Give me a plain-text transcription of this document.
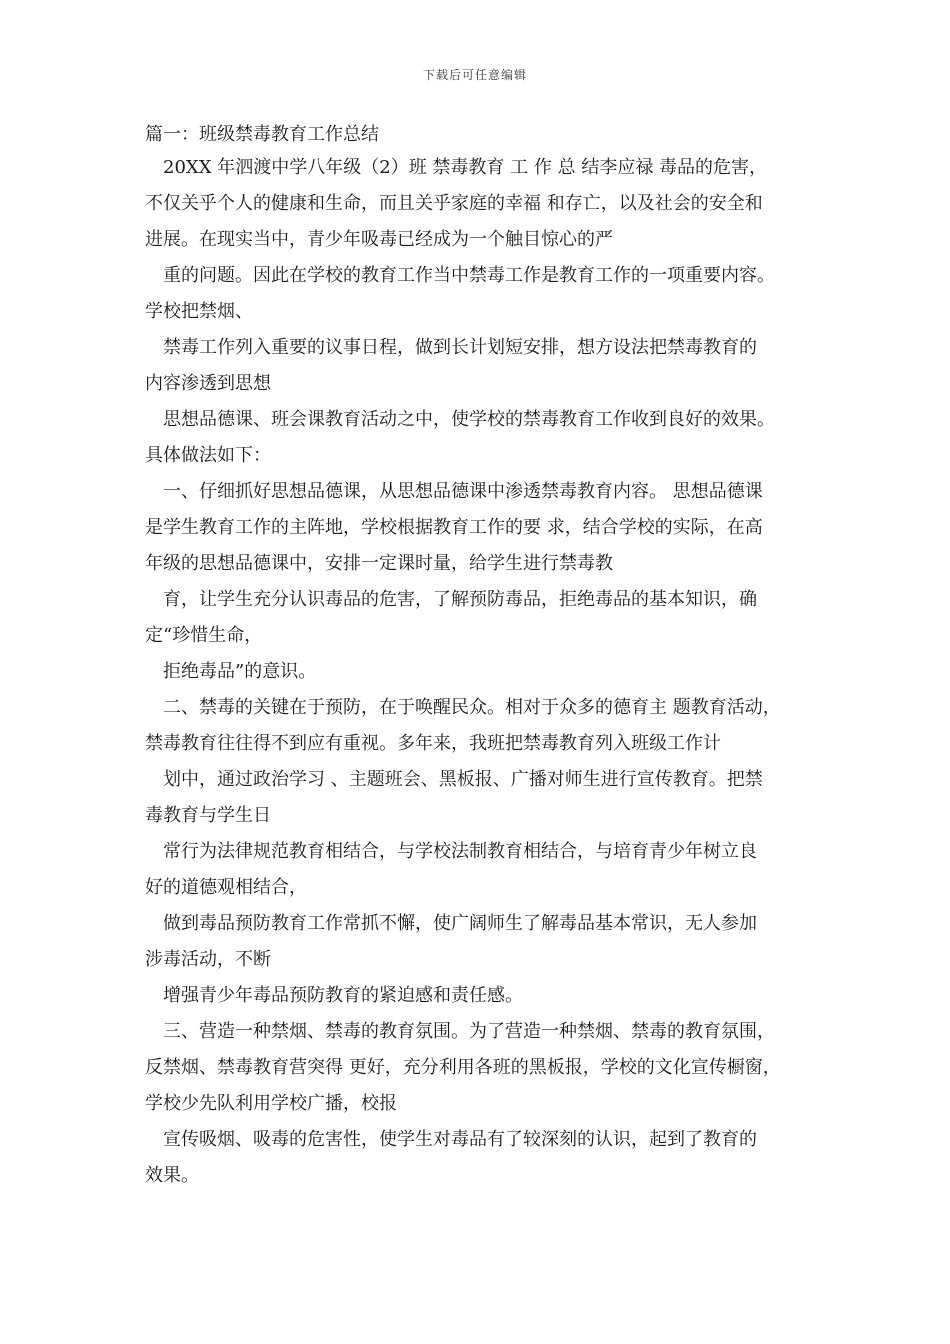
下载后可任意编辑
篇一：班级禁毒教育工作总结
20XX 年泗渡中学八年级（2）班 禁毒教育 工 作 总 结李应禄 毒品的危害，
不仅关乎个人的健康和生命，而且关乎家庭的幸福 和存亡，以及社会的安全和
进展。在现实当中，青少年吸毒已经成为一个触目惊心的严
重的问题。因此在学校的教育工作当中禁毒工作是教育工作的一项重要内容。
学校把禁烟、
禁毒工作列入重要的议事日程，做到长计划短安排，想方设法把禁毒教育的
内容渗透到思想
思想品德课、班会课教育活动之中，使学校的禁毒教育工作收到良好的效果。
具体做法如下：
一、仔细抓好思想品德课，从思想品德课中渗透禁毒教育内容。 思想品德课
是学生教育工作的主阵地，学校根据教育工作的要 求，结合学校的实际，在高
年级的思想品德课中，安排一定课时量，给学生进行禁毒教
育，让学生充分认识毒品的危害，了解预防毒品，拒绝毒品的基本知识，确
定“珍惜生命，
拒绝毒品”的意识。
二、禁毒的关键在于预防，在于唤醒民众。相对于众多的德育主 题教育活动，
禁毒教育往往得不到应有重视。多年来，我班把禁毒教育列入班级工作计
划中，通过政治学习 、主题班会、黑板报、广播对师生进行宣传教育。把禁
毒教育与学生日
常行为法律规范教育相结合，与学校法制教育相结合，与培育青少年树立良
好的道德观相结合，
做到毒品预防教育工作常抓不懈，使广阔师生了解毒品基本常识，无人参加
涉毒活动，不断
增强青少年毒品预防教育的紧迫感和责任感。
三、营造一种禁烟、禁毒的教育氛围。为了营造一种禁烟、禁毒的教育氛围，
反禁烟、禁毒教育营突得 更好，充分利用各班的黑板报，学校的文化宣传橱窗，
学校少先队利用学校广播，校报
宣传吸烟、吸毒的危害性，使学生对毒品有了较深刻的认识，起到了教育的
效果。
